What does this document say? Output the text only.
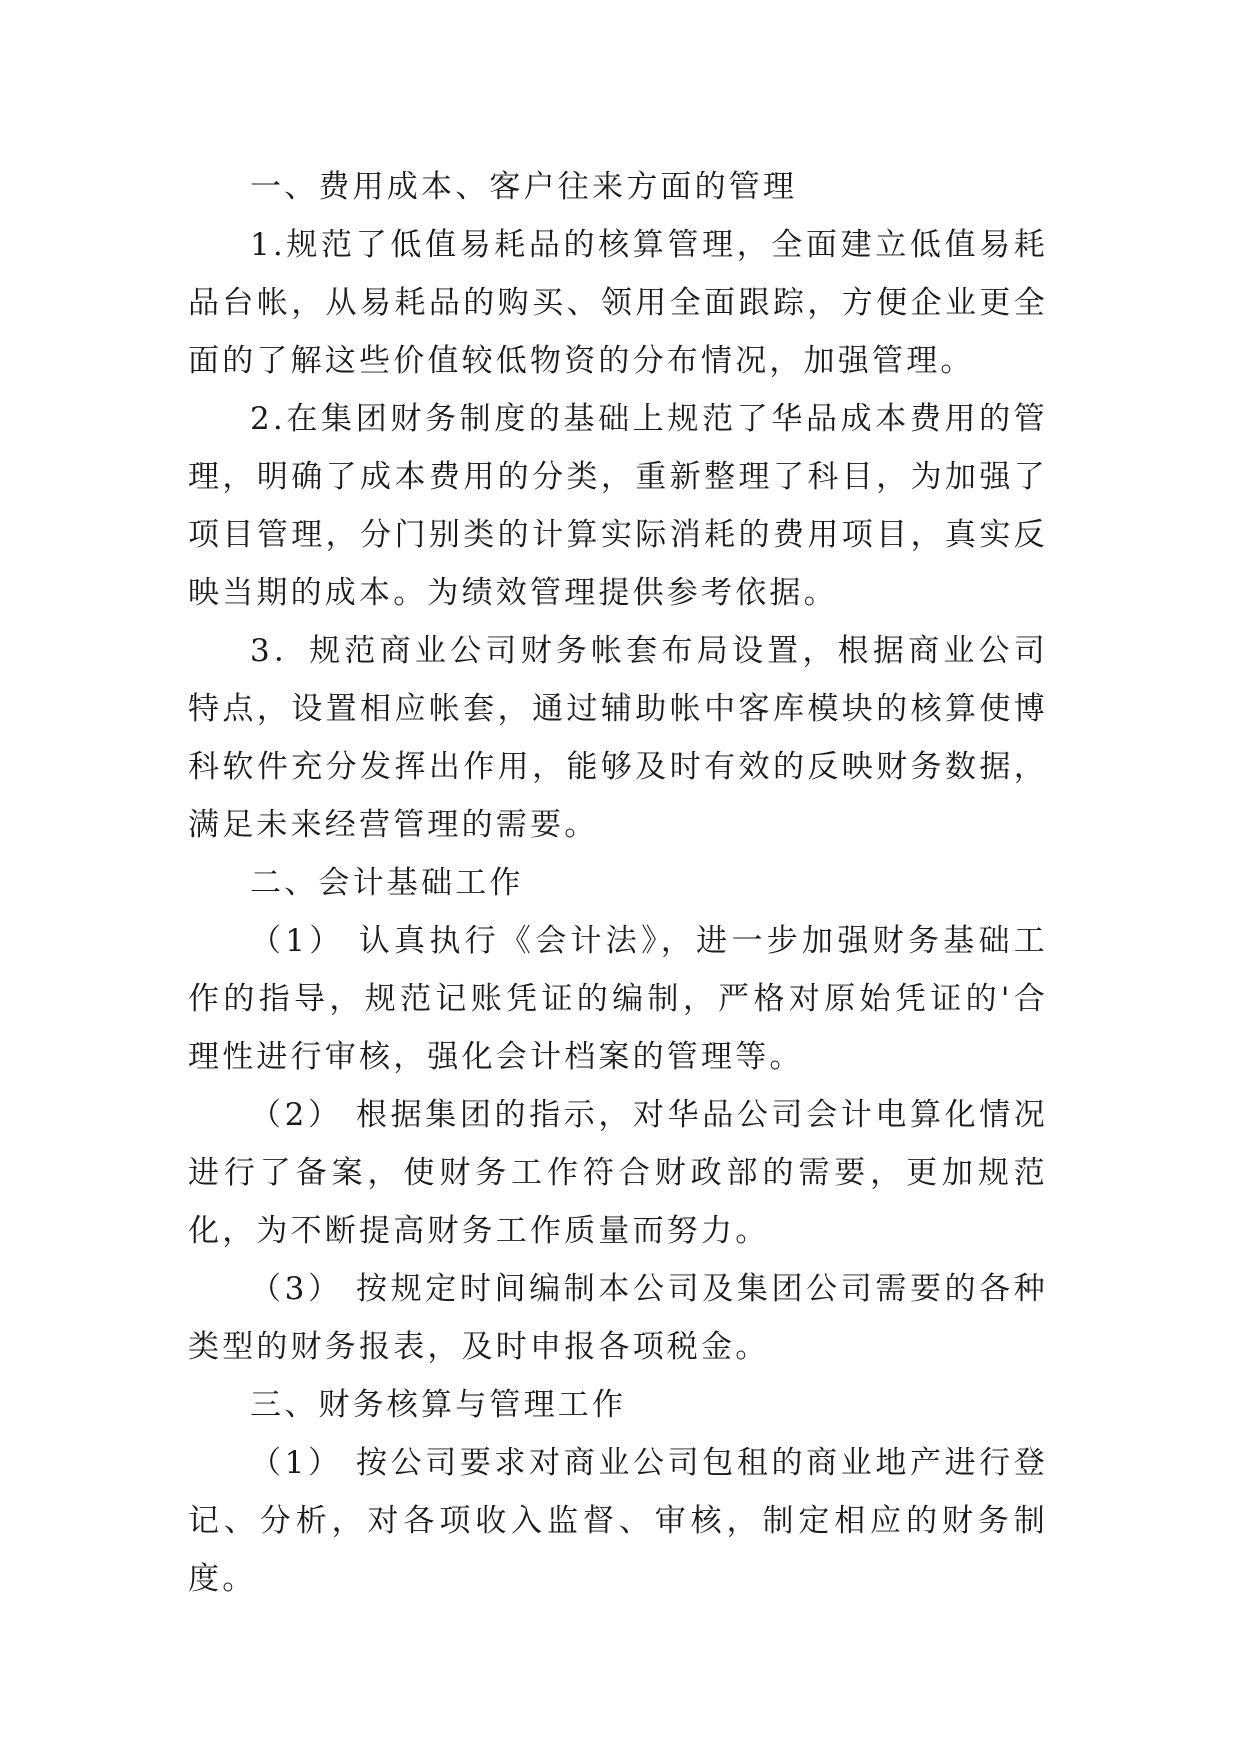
一、费用成本、客户往来方面的管理

1.规范了低值易耗品的核算管理，全面建立低值易耗品台帐，从易耗品的购买、领用全面跟踪，方便企业更全面的了解这些价值较低物资的分布情况，加强管理。

2.在集团财务制度的基础上规范了华品成本费用的管理，明确了成本费用的分类，重新整理了科目，为加强了项目管理，分门别类的计算实际消耗的费用项目，真实反映当期的成本。为绩效管理提供参考依据。

3．规范商业公司财务帐套布局设置，根据商业公司特点，设置相应帐套，通过辅助帐中客库模块的核算使博科软件充分发挥出作用，能够及时有效的反映财务数据，满足未来经营管理的需要。

二、会计基础工作

（1） 认真执行《会计法》，进一步加强财务基础工作的指导，规范记账凭证的编制，严格对原始凭证的'合理性进行审核，强化会计档案的管理等。

（2） 根据集团的指示，对华品公司会计电算化情况进行了备案，使财务工作符合财政部的需要，更加规范化，为不断提高财务工作质量而努力。

（3） 按规定时间编制本公司及集团公司需要的各种类型的财务报表，及时申报各项税金。

三、财务核算与管理工作

（1） 按公司要求对商业公司包租的商业地产进行登记、分析，对各项收入监督、审核，制定相应的财务制度。
